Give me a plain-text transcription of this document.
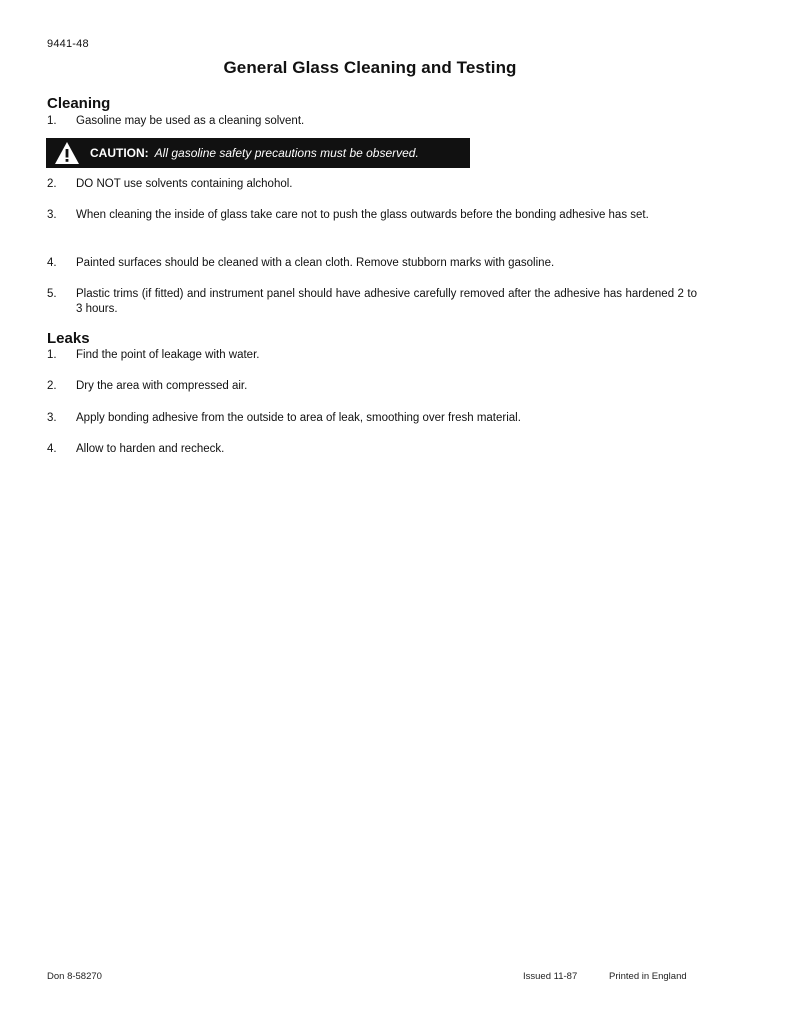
9441-48
General Glass Cleaning and Testing
Cleaning
1.	Gasoline may be used as a cleaning solvent.
CAUTION: All gasoline safety precautions must be observed.
2.	DO NOT use solvents containing alchohol.
3.	When cleaning the inside of glass take care not to push the glass outwards before the bonding adhesive has set.
4.	Painted surfaces should be cleaned with a clean cloth. Remove stubborn marks with gasoline.
5.	Plastic trims (if fitted) and instrument panel should have adhesive carefully removed after the adhesive has hardened 2 to 3 hours.
Leaks
1.	Find the point of leakage with water.
2.	Dry the area with compressed air.
3.	Apply bonding adhesive from the outside to area of leak, smoothing over fresh material.
4.	Allow to harden and recheck.
Don 8-58270	Issued 11-87	Printed in England
